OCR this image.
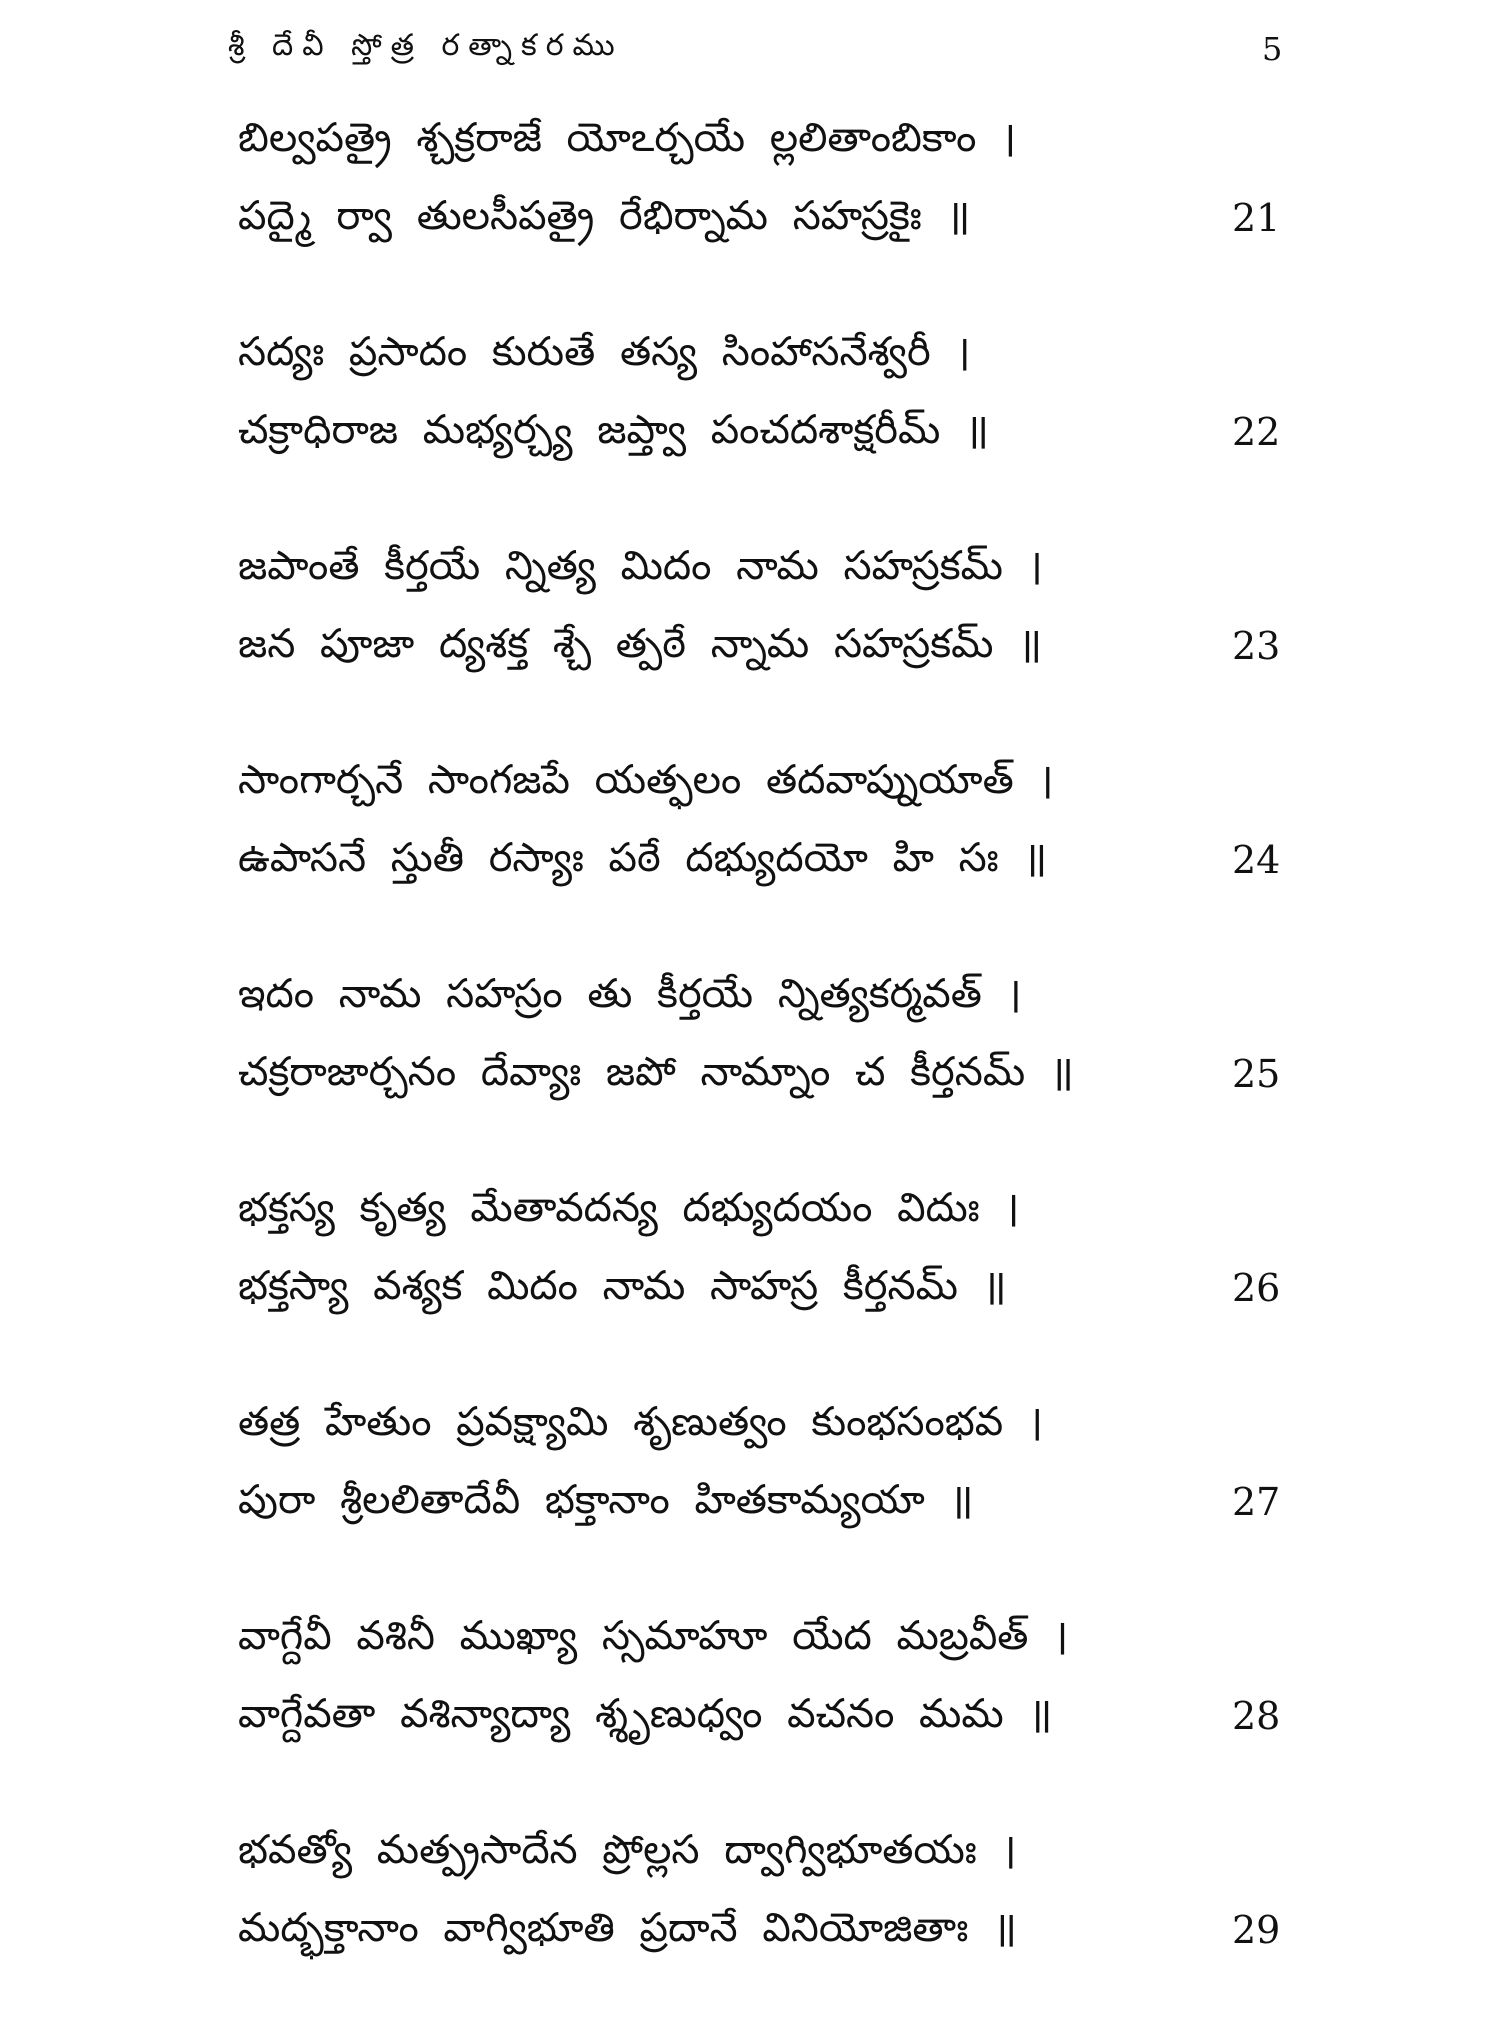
శ్రీ దేవీ స్తోత్ర రత్నాకరము	5
బిల్వపత్రై శ్చక్రరాజే యోఽర్చయే ల్లలితాంబికాం ।
పద్మై ర్వా తులసీపత్రై రేభిర్నామ సహస్రకైః ॥	21
సద్యః ప్రసాదం కురుతే తస్య సింహాసనేశ్వరీ ।
చక్రాధిరాజ మభ్యర్చ్య జప్త్వా పంచదశాక్షరీమ్ ॥	22
జపాంతే కీర్తయే న్నిత్య మిదం నామ సహస్రకమ్ ।
జన పూజా ద్యశక్త శ్చే త్పఠే న్నామ సహస్రకమ్ ॥	23
సాంగార్చనే సాంగజపే యత్ఫలం తదవాప్నుయాత్ ।
ఉపాసనే స్తుతీ రస్యాః పఠే దభ్యుదయో హి సః ॥	24
ఇదం నామ సహస్రం తు కీర్తయే న్నిత్యకర్మవత్ ।
చక్రరాజార్చనం దేవ్యాః జపో నామ్నాం చ కీర్తనమ్ ॥	25
భక్తస్య కృత్య మేతావదన్య దభ్యుదయం విదుః ।
భక్తస్యా వశ్యక మిదం నామ సాహస్ర కీర్తనమ్ ॥	26
తత్ర హేతుం ప్రవక్ష్యామి శృణుత్వం కుంభసంభవ ।
పురా శ్రీలలితాదేవీ భక్తానాం హితకామ్యయా ॥	27
వాగ్దేవీ వశినీ ముఖ్యా స్సమాహూ యేద మబ్రవీత్ ।
వాగ్దేవతా వశిన్యాద్యా శ్శృణుధ్వం వచనం మమ ॥	28
భవత్యో మత్ప్రసాదేన ప్రోల్లస ద్వాగ్విభూతయః ।
మద్భక్తానాం వాగ్విభూతి ప్రదానే వినియోజితాః ॥	29
